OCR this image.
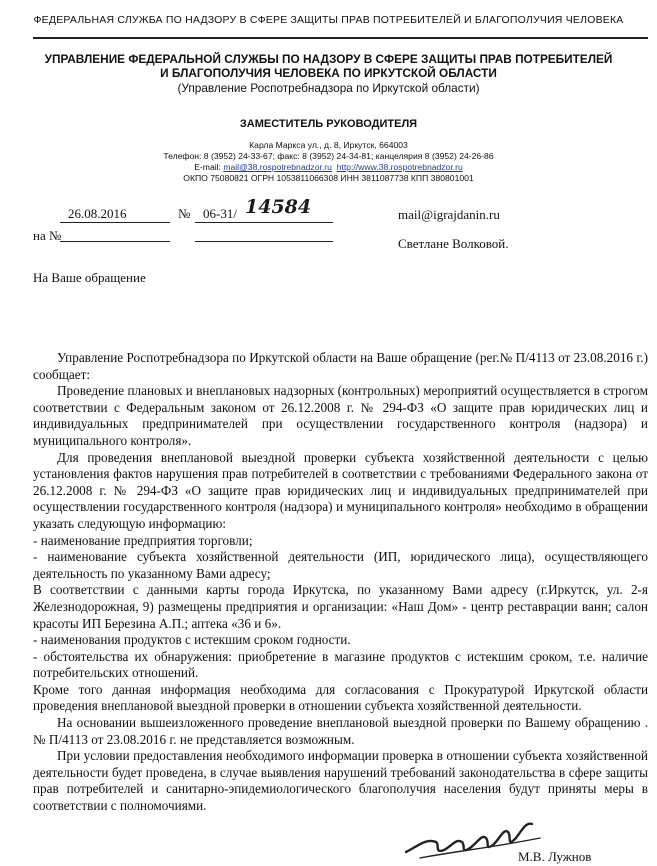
ФЕДЕРАЛЬНАЯ СЛУЖБА ПО НАДЗОРУ В СФЕРЕ ЗАЩИТЫ ПРАВ ПОТРЕБИТЕЛЕЙ И БЛАГОПОЛУЧИЯ ЧЕЛОВЕКА
УПРАВЛЕНИЕ ФЕДЕРАЛЬНОЙ СЛУЖБЫ ПО НАДЗОРУ В СФЕРЕ ЗАЩИТЫ ПРАВ ПОТРЕБИТЕЛЕЙ
И БЛАГОПОЛУЧИЯ ЧЕЛОВЕКА ПО ИРКУТСКОЙ ОБЛАСТИ
(Управление Роспотребнадзора по Иркутской области)
ЗАМЕСТИТЕЛЬ РУКОВОДИТЕЛЯ
Карла Маркса ул., д. 8, Иркутск, 664003
Телефон: 8 (3952) 24-33-67; факс: 8 (3952) 24-34-81; канцелярия 8 (3952) 24-26-86
E-mail: mail@38.rospotrebnadzor.ru http://www.38.rospotrebnadzor.ru
ОКПО 75080821 ОГРН 1053811066308 ИНН 3811087738 КПП 380801001
26.08.2016	№ 06-31/ 14584
на №
mail@igrajdanin.ru
Светлане Волковой.
На Ваше обращение

Управление Роспотребнадзора по Иркутской области на Ваше обращение (рег.№ П/4113 от 23.08.2016 г.) сообщает:

Проведение плановых и внеплановых надзорных (контрольных) мероприятий осуществляется в строгом соответствии с Федеральным законом от 26.12.2008 г. № 294-ФЗ «О защите прав юридических лиц и индивидуальных предпринимателей при осуществлении государственного контроля (надзора) и муниципального контроля».

Для проведения внеплановой выездной проверки субъекта хозяйственной деятельности с целью установления фактов нарушения прав потребителей в соответствии с требованиями Федерального закона от 26.12.2008 г. № 294-ФЗ «О защите прав юридических лиц и индивидуальных предпринимателей при осуществлении государственного контроля (надзора) и муниципального контроля» необходимо в обращении указать следующую информацию:

- наименование предприятия торговли;

- наименование субъекта хозяйственной деятельности (ИП, юридического лица), осуществляющего деятельность по указанному Вами адресу;

В соответствии с данными карты города Иркутска, по указанному Вами адресу (г.Иркутск, ул. 2-я Железнодорожная, 9) размещены предприятия и организации: «Наш Дом» - центр реставрации ванн; салон красоты ИП Березина А.П.; аптека «36 и 6».

- наименования продуктов с истекшим сроком годности.

- обстоятельства их обнаружения: приобретение в магазине продуктов с истекшим сроком, т.е. наличие потребительских отношений.

Кроме того данная информация необходима для согласования с Прокуратурой Иркутской области проведения внеплановой выездной проверки в отношении субъекта хозяйственной деятельности.

На основании вышеизложенного проведение внеплановой выездной проверки по Вашему обращению .№ П/4113 от 23.08.2016 г. не представляется возможным.

При условии предоставления необходимого информации проверка в отношении субъекта хозяйственной деятельности будет проведена, в случае выявления нарушений требований законодательства в сфере защиты прав потребителей и санитарно-эпидемиологического благополучия населения будут приняты меры в соответствии с полномочиями.

М.В. Лужнов
